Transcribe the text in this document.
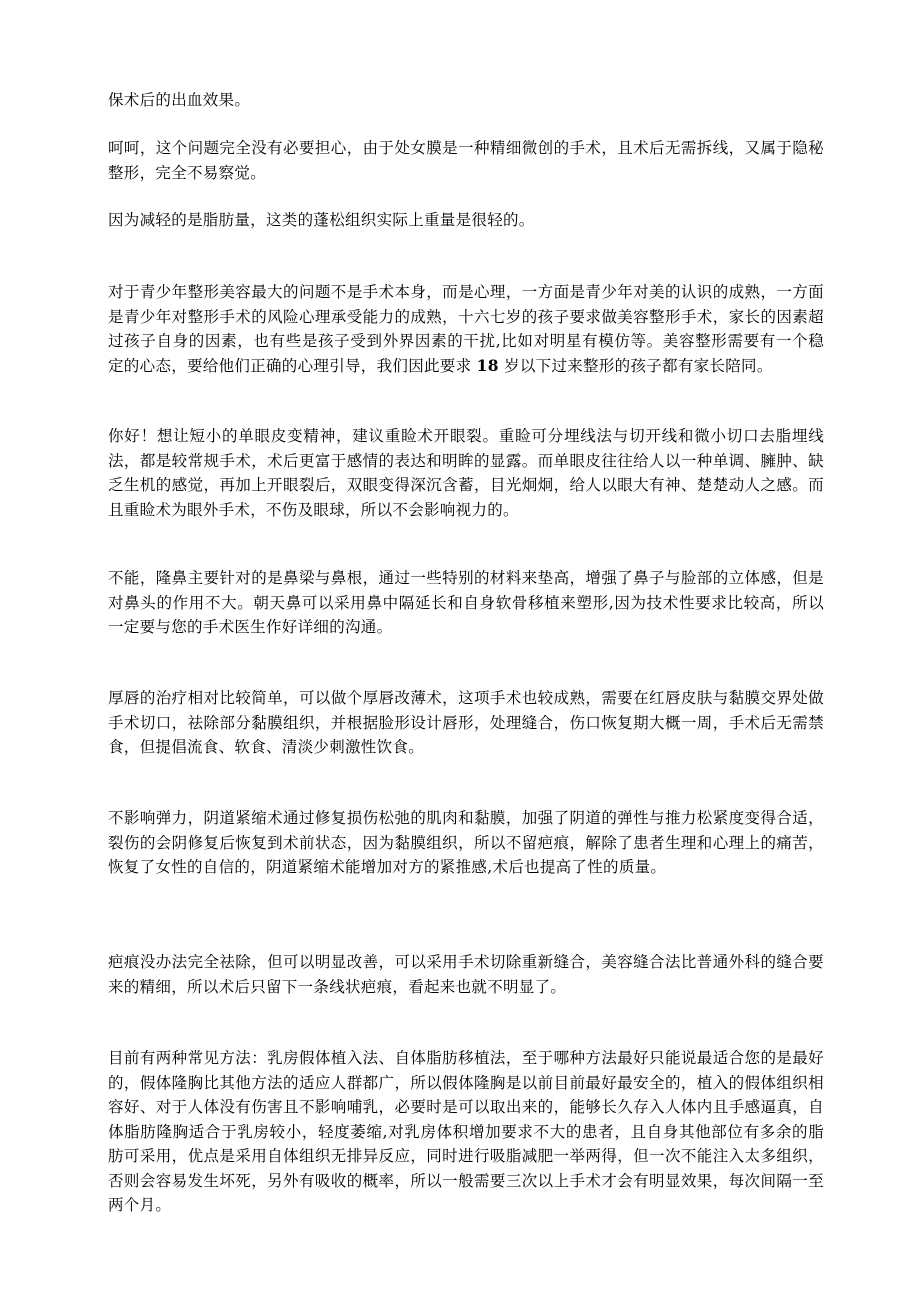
保术后的出血效果。

呵呵，这个问题完全没有必要担心，由于处女膜是一种精细微创的手术，且术后无需拆线，又属于隐秘整形，完全不易察觉。

因为减轻的是脂肪量，这类的蓬松组织实际上重量是很轻的。

对于青少年整形美容最大的问题不是手术本身，而是心理，一方面是青少年对美的认识的成熟，一方面是青少年对整形手术的风险心理承受能力的成熟，十六七岁的孩子要求做美容整形手术，家长的因素超过孩子自身的因素，也有些是孩子受到外界因素的干扰,比如对明星有模仿等。美容整形需要有一个稳定的心态，要给他们正确的心理引导，我们因此要求 18 岁以下过来整形的孩子都有家长陪同。

你好！想让短小的单眼皮变精神，建议重睑术开眼裂。重睑可分埋线法与切开线和微小切口去脂埋线法，都是较常规手术，术后更富于感情的表达和明眸的显露。而单眼皮往往给人以一种单调、臃肿、缺乏生机的感觉，再加上开眼裂后，双眼变得深沉含蓄，目光炯炯，给人以眼大有神、楚楚动人之感。而且重睑术为眼外手术，不伤及眼球，所以不会影响视力的。

不能，隆鼻主要针对的是鼻梁与鼻根，通过一些特别的材料来垫高，增强了鼻子与脸部的立体感，但是对鼻头的作用不大。朝天鼻可以采用鼻中隔延长和自身软骨移植来塑形,因为技术性要求比较高，所以一定要与您的手术医生作好详细的沟通。

厚唇的治疗相对比较简单，可以做个厚唇改薄术，这项手术也较成熟，需要在红唇皮肤与黏膜交界处做手术切口，祛除部分黏膜组织，并根据脸形设计唇形，处理缝合，伤口恢复期大概一周，手术后无需禁食，但提倡流食、软食、清淡少刺激性饮食。

不影响弹力，阴道紧缩术通过修复损伤松弛的肌肉和黏膜，加强了阴道的弹性与推力松紧度变得合适，裂伤的会阴修复后恢复到术前状态，因为黏膜组织，所以不留疤痕，解除了患者生理和心理上的痛苦，恢复了女性的自信的，阴道紧缩术能增加对方的紧推感,术后也提高了性的质量。

疤痕没办法完全祛除，但可以明显改善，可以采用手术切除重新缝合，美容缝合法比普通外科的缝合要来的精细，所以术后只留下一条线状疤痕，看起来也就不明显了。

目前有两种常见方法：乳房假体植入法、自体脂肪移植法，至于哪种方法最好只能说最适合您的是最好的，假体隆胸比其他方法的适应人群都广，所以假体隆胸是以前目前最好最安全的，植入的假体组织相容好、对于人体没有伤害且不影响哺乳，必要时是可以取出来的，能够长久存入人体内且手感逼真，自体脂肪隆胸适合于乳房较小，轻度萎缩,对乳房体积增加要求不大的患者，且自身其他部位有多余的脂肪可采用，优点是采用自体组织无排异反应，同时进行吸脂减肥一举两得，但一次不能注入太多组织，否则会容易发生坏死，另外有吸收的概率，所以一般需要三次以上手术才会有明显效果，每次间隔一至两个月。
